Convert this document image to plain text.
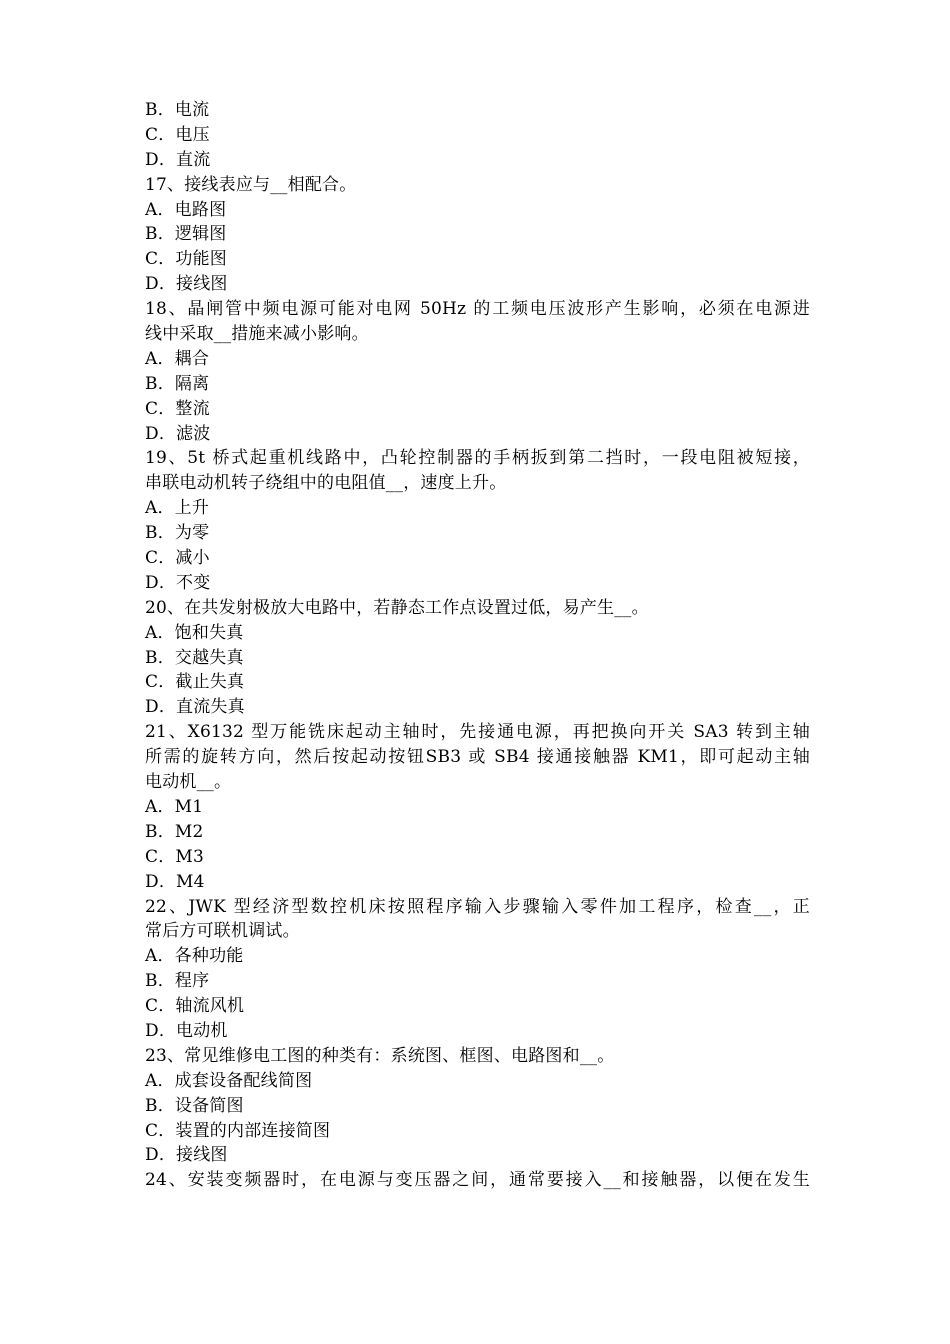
B．电流
C．电压
D．直流
17、接线表应与__相配合。
A．电路图
B．逻辑图
C．功能图
D．接线图
18、晶闸管中频电源可能对电网 50Hz 的工频电压波形产生影响，必须在电源进
线中采取__措施来减小影响。
A．耦合
B．隔离
C．整流
D．滤波
19、5t 桥式起重机线路中，凸轮控制器的手柄扳到第二挡时，一段电阻被短接，
串联电动机转子绕组中的电阻值__，速度上升。
A．上升
B．为零
C．减小
D．不变
20、在共发射极放大电路中，若静态工作点设置过低，易产生__。
A．饱和失真
B．交越失真
C．截止失真
D．直流失真
21、X6132 型万能铣床起动主轴时，先接通电源，再把换向开关 SA3 转到主轴
所需的旋转方向，然后按起动按钮SB3 或 SB4 接通接触器 KM1，即可起动主轴
电动机__。
A．M1
B．M2
C．M3
D．M4
22、JWK 型经济型数控机床按照程序输入步骤输入零件加工程序，检查__，正
常后方可联机调试。
A．各种功能
B．程序
C．轴流风机
D．电动机
23、常见维修电工图的种类有：系统图、框图、电路图和__。
A．成套设备配线简图
B．设备简图
C．装置的内部连接简图
D．接线图
24、安装变频器时，在电源与变压器之间，通常要接入__和接触器，以便在发生
